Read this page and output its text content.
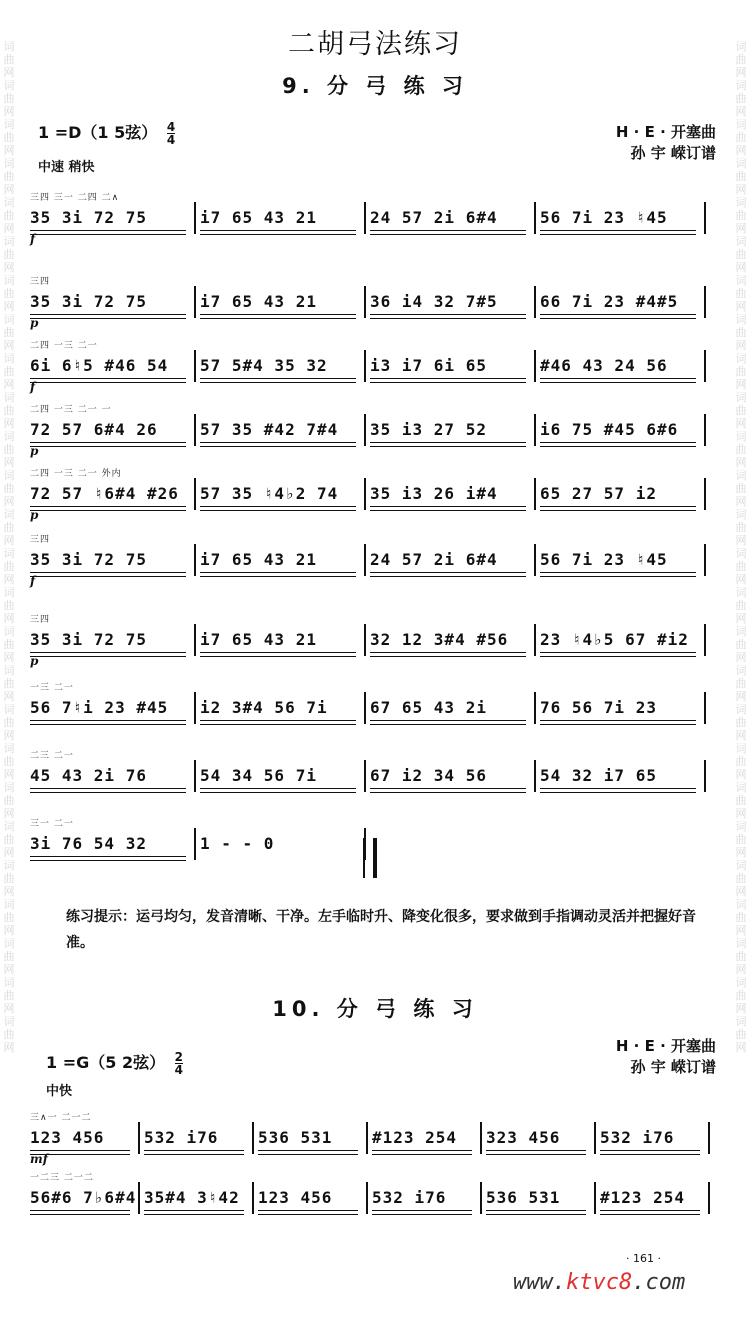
词曲网词曲网词曲网词曲网词曲网词曲网词曲网词曲网词曲网词曲网词曲网词曲网词曲网词曲网词曲网词曲网词曲网词曲网词曲网词曲网词曲网词曲网词曲网词曲网词曲网词曲网
词曲网词曲网词曲网词曲网词曲网词曲网词曲网词曲网词曲网词曲网词曲网词曲网词曲网词曲网词曲网词曲网词曲网词曲网词曲网词曲网词曲网词曲网词曲网词曲网词曲网词曲网
二胡弓法练习
9. 分 弓 练 习
1 =D（1 5弦） $\frac{4}{4}$
中速 稍快
H · E · 开塞曲
孙 宇 嵘订谱
三四 三一 二四 二∧
f
35 3i 72 75	i7 65 43 21	24 57 2i 6#4	56 7i 23 ♮45
三四
p
35 3i 72 75	i7 65 43 21	36 i4 32 7#5	66 7i 23 #4#5
二四 一三 二一
f
6i 6♮5 #46 54	57 5#4 35 32	i3 i7 6i 65	#46 43 24 56
二四 一三 二一 一
p
72 57 6#4 26	57 35 #42 7#4	35 i3 27 52	i6 75 #45 6#6
二四 一三 二一 外内
p
72 57 ♮6#4 #26	57 35 ♮4♭2 74	35 i3 26 i#4	65 27 57 i2
三四
f
35 3i 72 75	i7 65 43 21	24 57 2i 6#4	56 7i 23 ♮45
三四
p
35 3i 72 75	i7 65 43 21	32 12 3#4 #56	23 ♮4♭5 67 #i2
一三 二一
56 7♮i 23 #45	i2 3#4 56 7i	67 65 43 2i	76 56 7i 23
二三 二一
45 43 2i 76	54 34 56 7i	67 i2 34 56	54 32 i7 65
三一 二一
3i 76 54 32	1 - - 0
练习提示：运弓均匀，发音清晰、干净。左手临时升、降变化很多，要求做到手指调动灵活并把握好音准。
10. 分 弓 练 习
1 =G（5 2弦） $\frac{2}{4}$
中快
H · E · 开塞曲
孙 宇 嵘订谱
三∧一 二一二
mf
123 456	532 i76	536 531	#123 254	323 456	532 i76
一二三 二一二
56#6 7♭6#4 35#4 3♮42	123 456	532 i76	536 531	#123 254
· 161 ·
www.ktvc8.com
